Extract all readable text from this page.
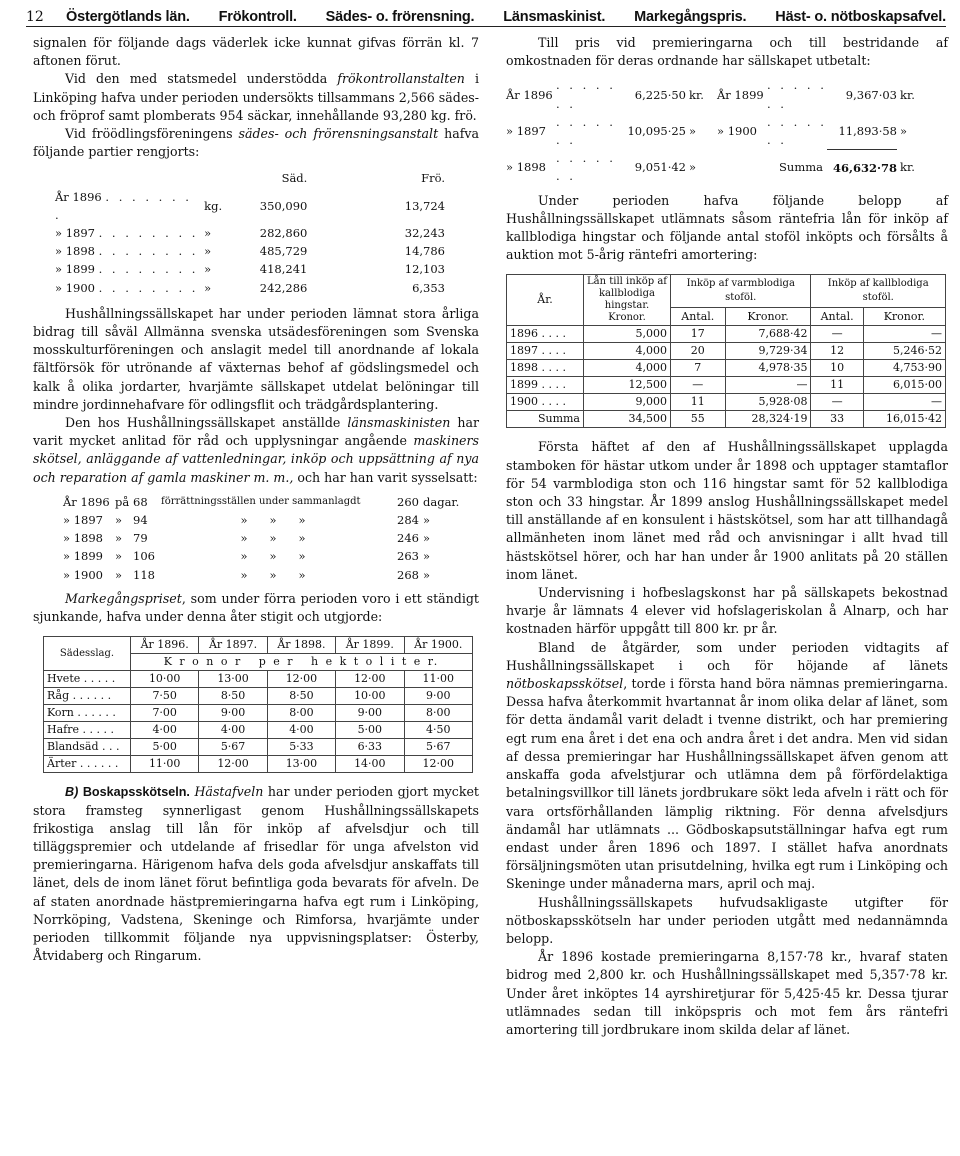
12	Östergötlands län. Frökontroll. Sädes- o. frörensning. Länsmaskinist. Markegångspris. Häst- o. nötboskapsafvel.

signalen för följande dags väderlek icke kunnat gifvas förrän kl. 7 aftonen förut.

Vid den med statsmedel understödda frökontrollanstalten i Linköping hafva under perioden undersökts tillsammans 2,566 sädes- och fröprof samt plomberats 954 säckar, innehållande 93,280 kg. frö.

Vid fröödlingsföreningens sädes- och frörensningsanstalt hafva följande partier rengjorts:

		Säd.	Frö.
År 1896 . . . . . . . .	kg.	350,090	13,724
» 1897 . . . . . . . .	»	282,860	32,243
» 1898 . . . . . . . .	»	485,729	14,786
» 1899 . . . . . . . .	»	418,241	12,103
» 1900 . . . . . . . .	»	242,286	6,353

Hushållningssällskapet har under perioden lämnat stora årliga bidrag till såväl Allmänna svenska utsädesföreningen som Svenska mosskulturföreningen och anslagit medel till anordnande af lokala fältförsök för utrönande af växternas behof af gödslingsmedel och kalk å olika jordarter, hvarjämte sällskapet utdelat belöningar till mindre jordinnehafvare för odlingsflit och trädgårdsplantering.

Den hos Hushållningssällskapet anställde länsmaskinisten har varit mycket anlitad för råd och upplysningar angående maskiners skötsel, anläggande af vattenledningar, inköp och uppsättning af nya och reparation af gamla maskiner m. m., och har han varit sysselsatt:

År 1896	på	68	förrättningsställen under sammanlagdt	260	dagar.
» 1897	»	94	»      »      »	284	»
» 1898	»	79	»      »      »	246	»
» 1899	»	106	»      »      »	263	»
» 1900	»	118	»      »      »	268	»

Markegångspriset, som under förra perioden voro i ett ständigt sjunkande, hafva under denna åter stigit och utgjorde:

Sädesslag.	År 1896.	År 1897.	År 1898.	År 1899.	År 1900.
	K r o n o r   p e r   h e k t o l i t e r.				
Hvete . . . . .	10·00	13·00	12·00	12·00	11·00
Råg . . . . . .	7·50	8·50	8·50	10·00	9·00
Korn . . . . . .	7·00	9·00	8·00	9·00	8·00
Hafre . . . . .	4·00	4·00	4·00	5·00	4·50
Blandsäd . . .	5·00	5·67	5·33	6·33	5·67
Ärter . . . . . .	11·00	12·00	13·00	14·00	12·00

B) Boskapsskötseln. Hästafveln har under perioden gjort mycket stora framsteg synnerligast genom Hushållningssällskapets frikostiga anslag till lån för inköp af afvelsdjur och till tilläggspremier och utdelande af frisedlar för unga afvelston vid premieringarna. Härigenom hafva dels goda afvelsdjur anskaffats till länet, dels de inom länet förut befintliga goda bevarats för afveln. De af staten anordnade hästpremieringarna hafva egt rum i Linköping, Norrköping, Vadstena, Skeninge och Rimforsa, hvarjämte under perioden tillkommit följande nya uppvisningsplatser: Österby, Åtvidaberg och Ringarum.

Till pris vid premieringarna och till bestridande af omkostnaden för deras ordnande har sällskapet utbetalt:

År 1896	. . . . . . .	6,225·50	kr.	År 1899	. . . . . . .	9,367·03	kr.
» 1897	. . . . . . .	10,095·25	»	» 1900	. . . . . . .	11,893·58	»
» 1898	. . . . . . .	9,051·42	»	Summa		46,632·78	kr.

Under perioden hafva följande belopp af Hushållningssällskapet utlämnats såsom räntefria lån för inköp af kallblodiga hingstar och följande antal stoföl inköpts och försålts å auktion mot 5-årig räntefri amortering:

År.	Lån till inköp af kallblodiga hingstar.
Kronor.	Inköp af varmblodiga stoföl.		Inköp af kallblodiga stoföl.	
		Antal.	Kronor.	Antal.	Kronor.
1896 . . . .	5,000	17	7,688·42	—	—
1897 . . . .	4,000	20	9,729·34	12	5,246·52
1898 . . . .	4,000	7	4,978·35	10	4,753·90
1899 . . . .	12,500	—	—	11	6,015·00
1900 . . . .	9,000	11	5,928·08	—	—
Summa	34,500	55	28,324·19	33	16,015·42

Första häftet af den af Hushållningssällskapet upplagda stamboken för hästar utkom under år 1898 och upptager stamtaflor för 54 varmblodiga ston och 116 hingstar samt för 52 kallblodiga ston och 33 hingstar. År 1899 anslog Hushållningssällskapet medel till anställande af en konsulent i hästskötsel, som har att tillhandagå allmänheten inom länet med råd och anvisningar i allt hvad till hästskötsel hörer, och har han under år 1900 anlitats på 20 ställen inom länet.

Undervisning i hofbeslagskonst har på sällskapets bekostnad hvarje år lämnats 4 elever vid hofslageriskolan å Alnarp, och har kostnaden härför uppgått till 800 kr. pr år.

Bland de åtgärder, som under perioden vidtagits af Hushållningssällskapet i och för höjande af länets nötboskapsskötsel, torde i första hand böra nämnas premieringarna. Dessa hafva återkommit hvartannat år inom olika delar af länet, som för detta ändamål varit deladt i tvenne distrikt, och har premiering egt rum ena året i det ena och andra året i det andra. Men vid sidan af dessa premieringar har Hushållningssällskapet äfven genom att anskaffa goda afvelstjurar och utlämna dem på förfördelaktiga betalningsvillkor till länets jordbrukare sökt leda afveln i rätt och för vara ortsförhållanden lämplig riktning. För denna afvelsdjurs ändamål har utlämnats ... Gödboskapsutställningar hafva egt rum endast under åren 1896 och 1897. I stället hafva anordnats försäljningsmöten utan prisutdelning, hvilka egt rum i Linköping och Skeninge under månaderna mars, april och maj.

Hushållningssällskapets hufvudsakligaste utgifter för nötboskapsskötseln har under perioden utgått med nedannämnda belopp.

År 1896 kostade premieringarna 8,157·78 kr., hvaraf staten bidrog med 2,800 kr. och Hushållningssällskapet med 5,357·78 kr. Under året inköptes 14 ayrshiretjurar för 5,425·45 kr. Dessa tjurar utlämnades sedan till inköpspris och mot fem års räntefri amortering till jordbrukare inom skilda delar af länet.
